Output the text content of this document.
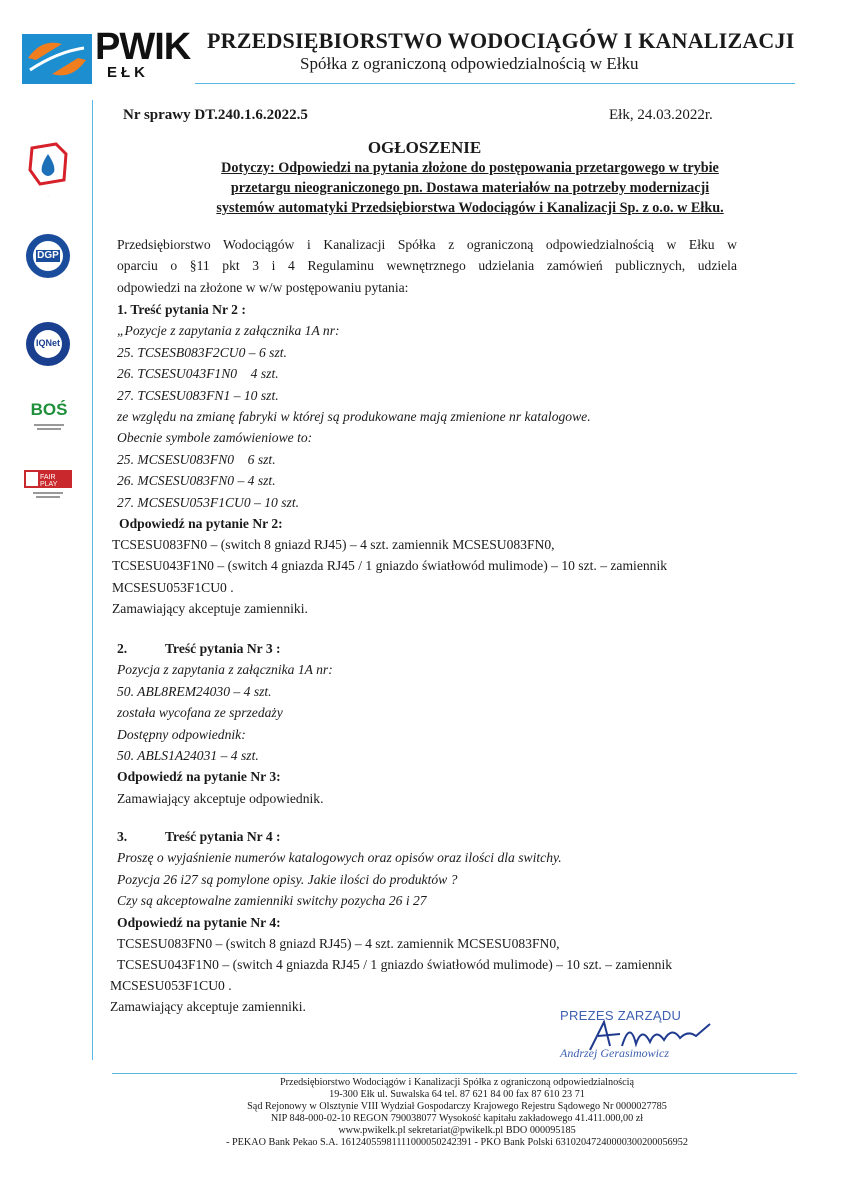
PWIK
EŁK
PRZEDSIĘBIORSTWO WODOCIĄGÓW I KANALIZACJI
Spółka z ograniczoną odpowiedzialnością w Ełku
.
DGP
IQNet
BOŚ
FAIR PLAY
Nr sprawy DT.240.1.6.2022.5	Ełk, 24.03.2022r.
OGŁOSZENIE
Dotyczy: Odpowiedzi na pytania złożone do postępowania przetargowego w trybie
przetargu nieograniczonego pn. Dostawa materiałów na potrzeby modernizacji
systemów automatyki Przedsiębiorstwa Wodociągów i Kanalizacji Sp. z o.o. w Ełku.
Przedsiębiorstwo Wodociągów i Kanalizacji Spółka z ograniczoną odpowiedzialnością w Ełku w
oparciu o §11 pkt 3 i 4 Regulaminu wewnętrznego udzielania zamówień publicznych, udziela
odpowiedzi na złożone w w/w postępowaniu pytania:
1. Treść pytania Nr 2 :
„Pozycje z zapytania z załącznika 1A nr:
25. TCSESB083F2CU0 – 6 szt.
26. TCSESU043F1N0    4 szt.
27. TCSESU083FN1 – 10 szt.
ze względu na zmianę fabryki w której są produkowane mają zmienione nr katalogowe.
Obecnie symbole zamówieniowe to:
25. MCSESU083FN0    6 szt.
26. MCSESU083FN0 – 4 szt.
27. MCSESU053F1CU0 – 10 szt.
Odpowiedź na pytanie Nr 2:
TCSESU083FN0 – (switch 8 gniazd RJ45) – 4 szt. zamiennik MCSESU083FN0,
TCSESU043F1N0 – (switch 4 gniazda RJ45 / 1 gniazdo światłowód mulimode) – 10 szt. – zamiennik
MCSESU053F1CU0 .
Zamawiający akceptuje zamienniki.
2.	Treść pytania Nr 3 :
Pozycja z zapytania z załącznika 1A nr:
50. ABL8REM24030 – 4 szt.
została wycofana ze sprzedaży
Dostępny odpowiednik:
50. ABLS1A24031 – 4 szt.
Odpowiedź na pytanie Nr 3:
Zamawiający akceptuje odpowiednik.
3.	Treść pytania Nr 4 :
Proszę o wyjaśnienie numerów katalogowych oraz opisów oraz ilości dla switchy.
Pozycja 26 i27 są pomylone opisy. Jakie ilości do produktów ?
Czy są akceptowalne zamienniki switchy pozycha 26 i 27
Odpowiedź na pytanie Nr 4:
TCSESU083FN0 – (switch 8 gniazd RJ45) – 4 szt. zamiennik MCSESU083FN0,
TCSESU043F1N0 – (switch 4 gniazda RJ45 / 1 gniazdo światłowód mulimode) – 10 szt. – zamiennik
MCSESU053F1CU0 .
Zamawiający akceptuje zamienniki.
PREZES ZARZĄDU
Andrzej Gerasimowicz
Przedsiębiorstwo Wodociągów i Kanalizacji Spółka z ograniczoną odpowiedzialnością
19-300 Ełk ul. Suwalska 64 tel. 87 621 84 00 fax 87 610 23 71
Sąd Rejonowy w Olsztynie VIII Wydział Gospodarczy Krajowego Rejestru Sądowego Nr 0000027785
NIP 848-000-02-10 REGON 790038077 Wysokość kapitału zakładowego 41.411.000,00 zł
www.pwikelk.pl sekretariat@pwikelk.pl BDO 000095185
- PEKAO Bank Pekao S.A. 16124055981111000050242391 - PKO Bank Polski 63102047240000300200056952
